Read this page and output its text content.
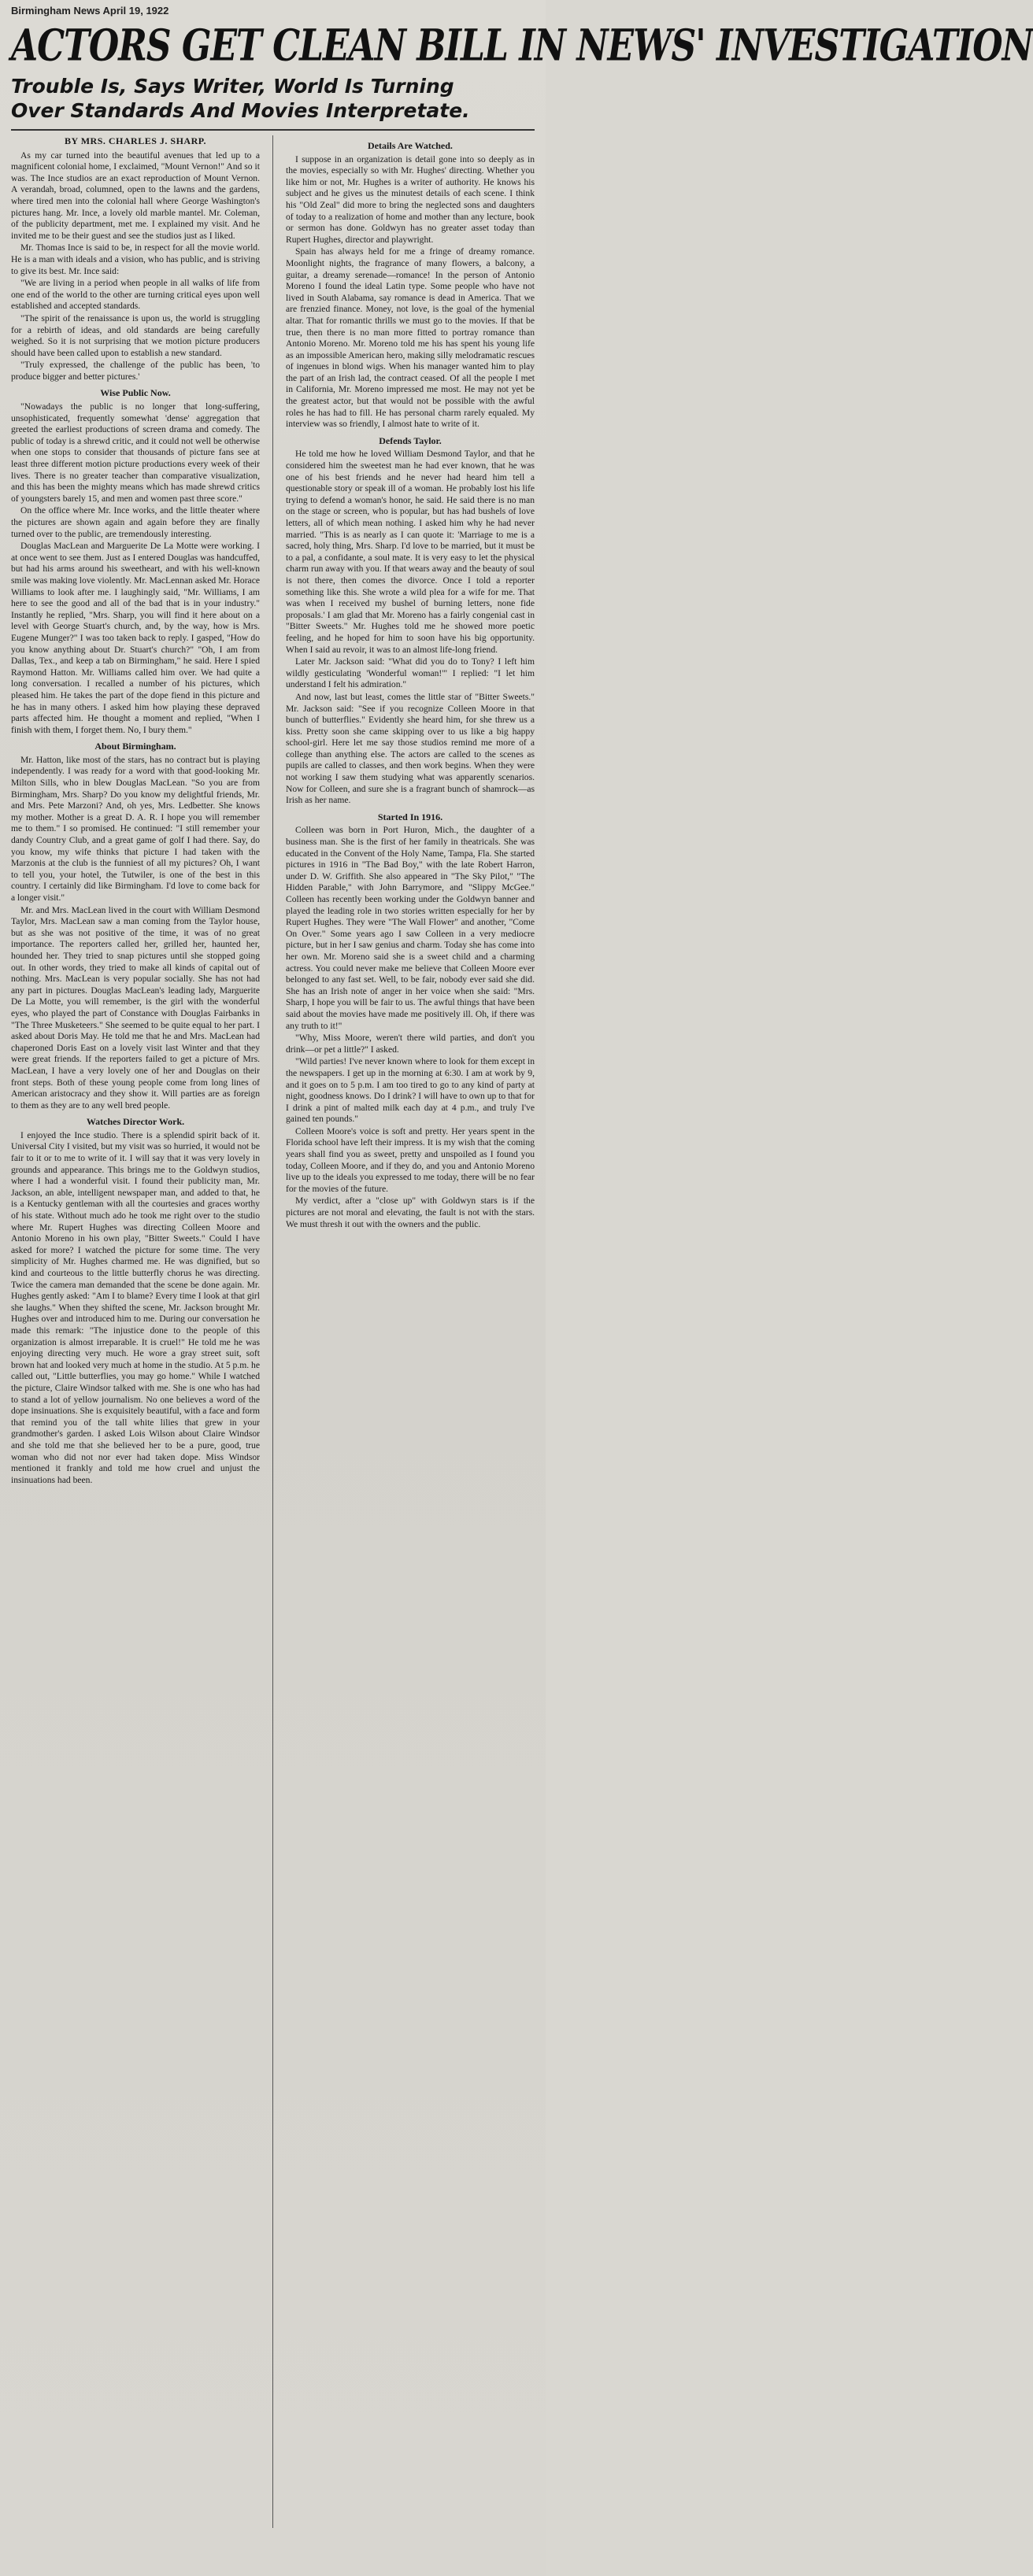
Birmingham News April 19, 1922
ACTORS GET CLEAN BILL IN NEWS' INVESTIGATION
Trouble Is, Says Writer, World Is Turning
Over Standards And Movies Interpretate.
BY MRS. CHARLES J. SHARP.

As my car turned into the beautiful avenues that led up to a magnificent colonial home, I exclaimed, "Mount Vernon!" And so it was. The Ince studios are an exact reproduction of Mount Vernon. A verandah, broad, columned, open to the lawns and the gardens, where tired men into the colonial hall where George Washington's pictures hang. Mr. Ince, a lovely old marble mantel. Mr. Coleman, of the publicity department, met me. I explained my visit. And he invited me to be their guest and see the studios just as I liked.

Mr. Thomas Ince is said to be, in respect for all the movie world. He is a man with ideals and a vision, who has public, and is striving to give its best. Mr. Ince said:

"We are living in a period when people in all walks of life from one end of the world to the other are turning critical eyes upon well established and accepted standards.

"The spirit of the renaissance is upon us, the world is struggling for a rebirth of ideas, and old standards are being carefully weighed. So it is not surprising that we motion picture producers should have been called upon to establish a new standard.

"Truly expressed, the challenge of the public has been, 'to produce bigger and better pictures.'

Wise Public Now.

"Nowadays the public is no longer that long-suffering, unsophisticated, frequently somewhat 'dense' aggregation that greeted the earliest productions of screen drama and comedy. The public of today is a shrewd critic, and it could not well be otherwise when one stops to consider that thousands of picture fans see at least three different motion picture productions every week of their lives. There is no greater teacher than comparative visualization, and this has been the mighty means which has made shrewd critics of youngsters barely 15, and men and women past three score."

On the office where Mr. Ince works, and the little theater where the pictures are shown again and again before they are finally turned over to the public, are tremendously interesting.

Douglas MacLean and Marguerite De La Motte were working. I at once went to see them. Just as I entered Douglas was handcuffed, but had his arms around his sweetheart, and with his well-known smile was making love violently. Mr. MacLennan asked Mr. Horace Williams to look after me. I laughingly said, "Mr. Williams, I am here to see the good and all of the bad that is in your industry." Instantly he replied, "Mrs. Sharp, you will find it here about on a level with George Stuart's church, and, by the way, how is Mrs. Eugene Munger?" I was too taken back to reply. I gasped, "How do you know anything about Dr. Stuart's church?" "Oh, I am from Dallas, Tex., and keep a tab on Birmingham," he said. Here I spied Raymond Hatton. Mr. Williams called him over. We had quite a long conversation. I recalled a number of his pictures, which pleased him. He takes the part of the dope fiend in this picture and he has in many others. I asked him how playing these depraved parts affected him. He thought a moment and replied, "When I finish with them, I forget them. No, I bury them."

About Birmingham.

Mr. Hatton, like most of the stars, has no contract but is playing independently. I was ready for a word with that good-looking Mr. Milton Sills, who in blew Douglas MacLean. "So you are from Birmingham, Mrs. Sharp? Do you know my delightful friends, Mr. and Mrs. Pete Marzoni? And, oh yes, Mrs. Ledbetter. She knows my mother. Mother is a great D. A. R. I hope you will remember me to them." I so promised. He continued: "I still remember your dandy Country Club, and a great game of golf I had there. Say, do you know, my wife thinks that picture I had taken with the Marzonis at the club is the funniest of all my pictures? Oh, I want to tell you, your hotel, the Tutwiler, is one of the best in this country. I certainly did like Birmingham. I'd love to come back for a longer visit."

Mr. and Mrs. MacLean lived in the court with William Desmond Taylor, Mrs. MacLean saw a man coming from the Taylor house, but as she was not positive of the time, it was of no great importance. The reporters called her, grilled her, haunted her, hounded her. They tried to snap pictures until she stopped going out. In other words, they tried to make all kinds of capital out of nothing. Mrs. MacLean is very popular socially. She has not had any part in pictures. Douglas MacLean's leading lady, Marguerite De La Motte, you will remember, is the girl with the wonderful eyes, who played the part of Constance with Douglas Fairbanks in "The Three Musketeers." She seemed to be quite equal to her part. I asked about Doris May. He told me that he and Mrs. MacLean had chaperoned Doris East on a lovely visit last Winter and that they were great friends. If the reporters failed to get a picture of Mrs. MacLean, I have a very lovely one of her and Douglas on their front steps. Both of these young people come from long lines of American aristocracy and they show it. Will parties are as foreign to them as they are to any well bred people.

Watches Director Work.

I enjoyed the Ince studio. There is a splendid spirit back of it. Universal City I visited, but my visit was so hurried, it would not be fair to it or to me to write of it. I will say that it was very lovely in grounds and appearance. This brings me to the Goldwyn studios, where I had a wonderful visit. I found their publicity man, Mr. Jackson, an able, intelligent newspaper man, and added to that, he is a Kentucky gentleman with all the courtesies and graces worthy of his state. Without much ado he took me right over to the studio where Mr. Rupert Hughes was directing Colleen Moore and Antonio Moreno in his own play, "Bitter Sweets." Could I have asked for more? I watched the picture for some time. The very simplicity of Mr. Hughes charmed me. He was dignified, but so kind and courteous to the little butterfly chorus he was directing. Twice the camera man demanded that the scene be done again. Mr. Hughes gently asked: "Am I to blame? Every time I look at that girl she laughs." When they shifted the scene, Mr. Jackson brought Mr. Hughes over and introduced him to me. During our conversation he made this remark: "The injustice done to the people of this organization is almost irreparable. It is cruel!" He told me he was enjoying directing very much. He wore a gray street suit, soft brown hat and looked very much at home in the studio. At 5 p.m. he called out, "Little butterflies, you may go home." While I watched the picture, Claire Windsor talked with me. She is one who has had to stand a lot of yellow journalism. No one believes a word of the dope insinuations. She is exquisitely beautiful, with a face and form that remind you of the tall white lilies that grew in your grandmother's garden. I asked Lois Wilson about Claire Windsor and she told me that she believed her to be a pure, good, true woman who did not nor ever had taken dope. Miss Windsor mentioned it frankly and told me how cruel and unjust the insinuations had been.

Details Are Watched.

I suppose in an organization is detail gone into so deeply as in the movies, especially so with Mr. Hughes' directing. Whether you like him or not, Mr. Hughes is a writer of authority. He knows his subject and he gives us the minutest details of each scene. I think his "Old Zeal" did more to bring the neglected sons and daughters of today to a realization of home and mother than any lecture, book or sermon has done. Goldwyn has no greater asset today than Rupert Hughes, director and playwright.

Spain has always held for me a fringe of dreamy romance. Moonlight nights, the fragrance of many flowers, a balcony, a guitar, a dreamy serenade—romance! In the person of Antonio Moreno I found the ideal Latin type. Some people who have not lived in South Alabama, say romance is dead in America. That we are frenzied finance. Money, not love, is the goal of the hymenial altar. That for romantic thrills we must go to the movies. If that be true, then there is no man more fitted to portray romance than Antonio Moreno. Mr. Moreno told me his has spent his young life as an impossible American hero, making silly melodramatic rescues of ingenues in blond wigs. When his manager wanted him to play the part of an Irish lad, the contract ceased. Of all the people I met in California, Mr. Moreno impressed me most. He may not yet be the greatest actor, but that would not be possible with the awful roles he has had to fill. He has personal charm rarely equaled. My interview was so friendly, I almost hate to write of it.

Defends Taylor.

He told me how he loved William Desmond Taylor, and that he considered him the sweetest man he had ever known, that he was one of his best friends and he never had heard him tell a questionable story or speak ill of a woman. He probably lost his life trying to defend a woman's honor, he said. He said there is no man on the stage or screen, who is popular, but has had bushels of love letters, all of which mean nothing. I asked him why he had never married. "This is as nearly as I can quote it: 'Marriage to me is a sacred, holy thing, Mrs. Sharp. I'd love to be married, but it must be to a pal, a confidante, a soul mate. It is very easy to let the physical charm run away with you. If that wears away and the beauty of soul is not there, then comes the divorce. Once I told a reporter something like this. She wrote a wild plea for a wife for me. That was when I received my bushel of burning letters, none fide proposals.' I am glad that Mr. Moreno has a fairly congenial cast in "Bitter Sweets." Mr. Hughes told me he showed more poetic feeling, and he hoped for him to soon have his big opportunity. When I said au revoir, it was to an almost life-long friend.

Later Mr. Jackson said: "What did you do to Tony? I left him wildly gesticulating 'Wonderful woman!'" I replied: "I let him understand I felt his admiration."

And now, last but least, comes the little star of "Bitter Sweets." Mr. Jackson said: "See if you recognize Colleen Moore in that bunch of butterflies." Evidently she heard him, for she threw us a kiss. Pretty soon she came skipping over to us like a big happy school-girl. Here let me say those studios remind me more of a college than anything else. The actors are called to the scenes as pupils are called to classes, and then work begins. When they were not working I saw them studying what was apparently scenarios. Now for Colleen, and sure she is a fragrant bunch of shamrock—as Irish as her name.

Started In 1916.

Colleen was born in Port Huron, Mich., the daughter of a business man. She is the first of her family in theatricals. She was educated in the Convent of the Holy Name, Tampa, Fla. She started pictures in 1916 in "The Bad Boy," with the late Robert Harron, under D. W. Griffith. She also appeared in "The Sky Pilot," "The Hidden Parable," with John Barrymore, and "Slippy McGee." Colleen has recently been working under the Goldwyn banner and played the leading role in two stories written especially for her by Rupert Hughes. They were "The Wall Flower" and another, "Come On Over." Some years ago I saw Colleen in a very mediocre picture, but in her I saw genius and charm. Today she has come into her own. Mr. Moreno said she is a sweet child and a charming actress. You could never make me believe that Colleen Moore ever belonged to any fast set. Well, to be fair, nobody ever said she did. She has an Irish note of anger in her voice when she said: "Mrs. Sharp, I hope you will be fair to us. The awful things that have been said about the movies have made me positively ill. Oh, if there was any truth to it!"

"Why, Miss Moore, weren't there wild parties, and don't you drink—or pet a little?" I asked.

"Wild parties! I've never known where to look for them except in the newspapers. I get up in the morning at 6:30. I am at work by 9, and it goes on to 5 p.m. I am too tired to go to any kind of party at night, goodness knows. Do I drink? I will have to own up to that for I drink a pint of malted milk each day at 4 p.m., and truly I've gained ten pounds."

Colleen Moore's voice is soft and pretty. Her years spent in the Florida school have left their impress. It is my wish that the coming years shall find you as sweet, pretty and unspoiled as I found you today, Colleen Moore, and if they do, and you and Antonio Moreno live up to the ideals you expressed to me today, there will be no fear for the movies of the future.

My verdict, after a "close up" with Goldwyn stars is if the pictures are not moral and elevating, the fault is not with the stars. We must thresh it out with the owners and the public.
